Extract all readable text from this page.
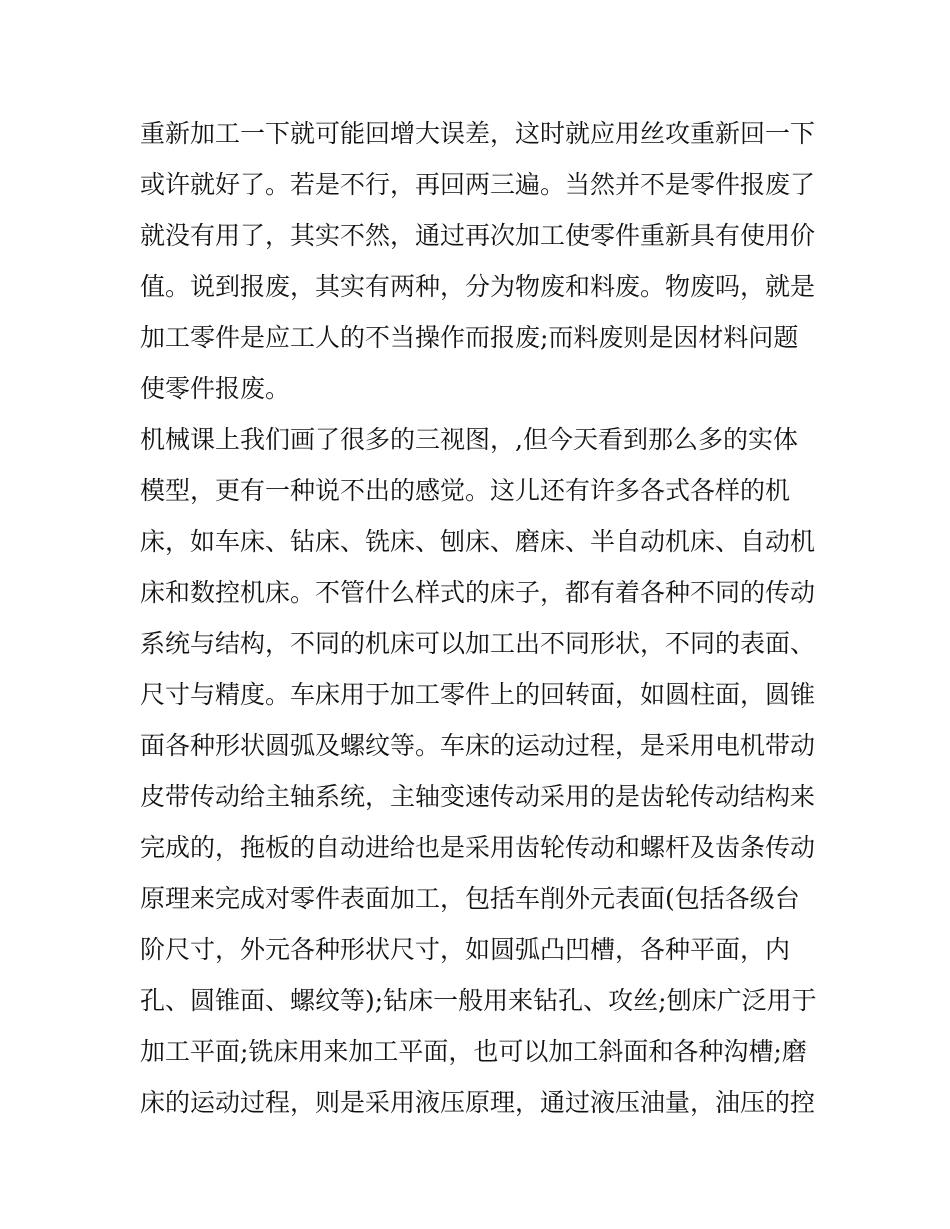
重新加工一下就可能回增大误差，这时就应用丝攻重新回一下
或许就好了。若是不行，再回两三遍。当然并不是零件报废了
就没有用了，其实不然，通过再次加工使零件重新具有使用价
值。说到报废，其实有两种，分为物废和料废。物废吗，就是
加工零件是应工人的不当操作而报废;而料废则是因材料问题
使零件报废。
机械课上我们画了很多的三视图，,但今天看到那么多的实体
模型，更有一种说不出的感觉。这儿还有许多各式各样的机
床，如车床、钻床、铣床、刨床、磨床、半自动机床、自动机
床和数控机床。不管什么样式的床子，都有着各种不同的传动
系统与结构，不同的机床可以加工出不同形状，不同的表面、
尺寸与精度。车床用于加工零件上的回转面，如圆柱面，圆锥
面各种形状圆弧及螺纹等。车床的运动过程，是采用电机带动
皮带传动给主轴系统，主轴变速传动采用的是齿轮传动结构来
完成的，拖板的自动进给也是采用齿轮传动和螺杆及齿条传动
原理来完成对零件表面加工，包括车削外元表面(包括各级台
阶尺寸，外元各种形状尺寸，如圆弧凸凹槽，各种平面，内
孔、圆锥面、螺纹等);钻床一般用来钻孔、攻丝;刨床广泛用于
加工平面;铣床用来加工平面，也可以加工斜面和各种沟槽;磨
床的运动过程，则是采用液压原理，通过液压油量，油压的控
